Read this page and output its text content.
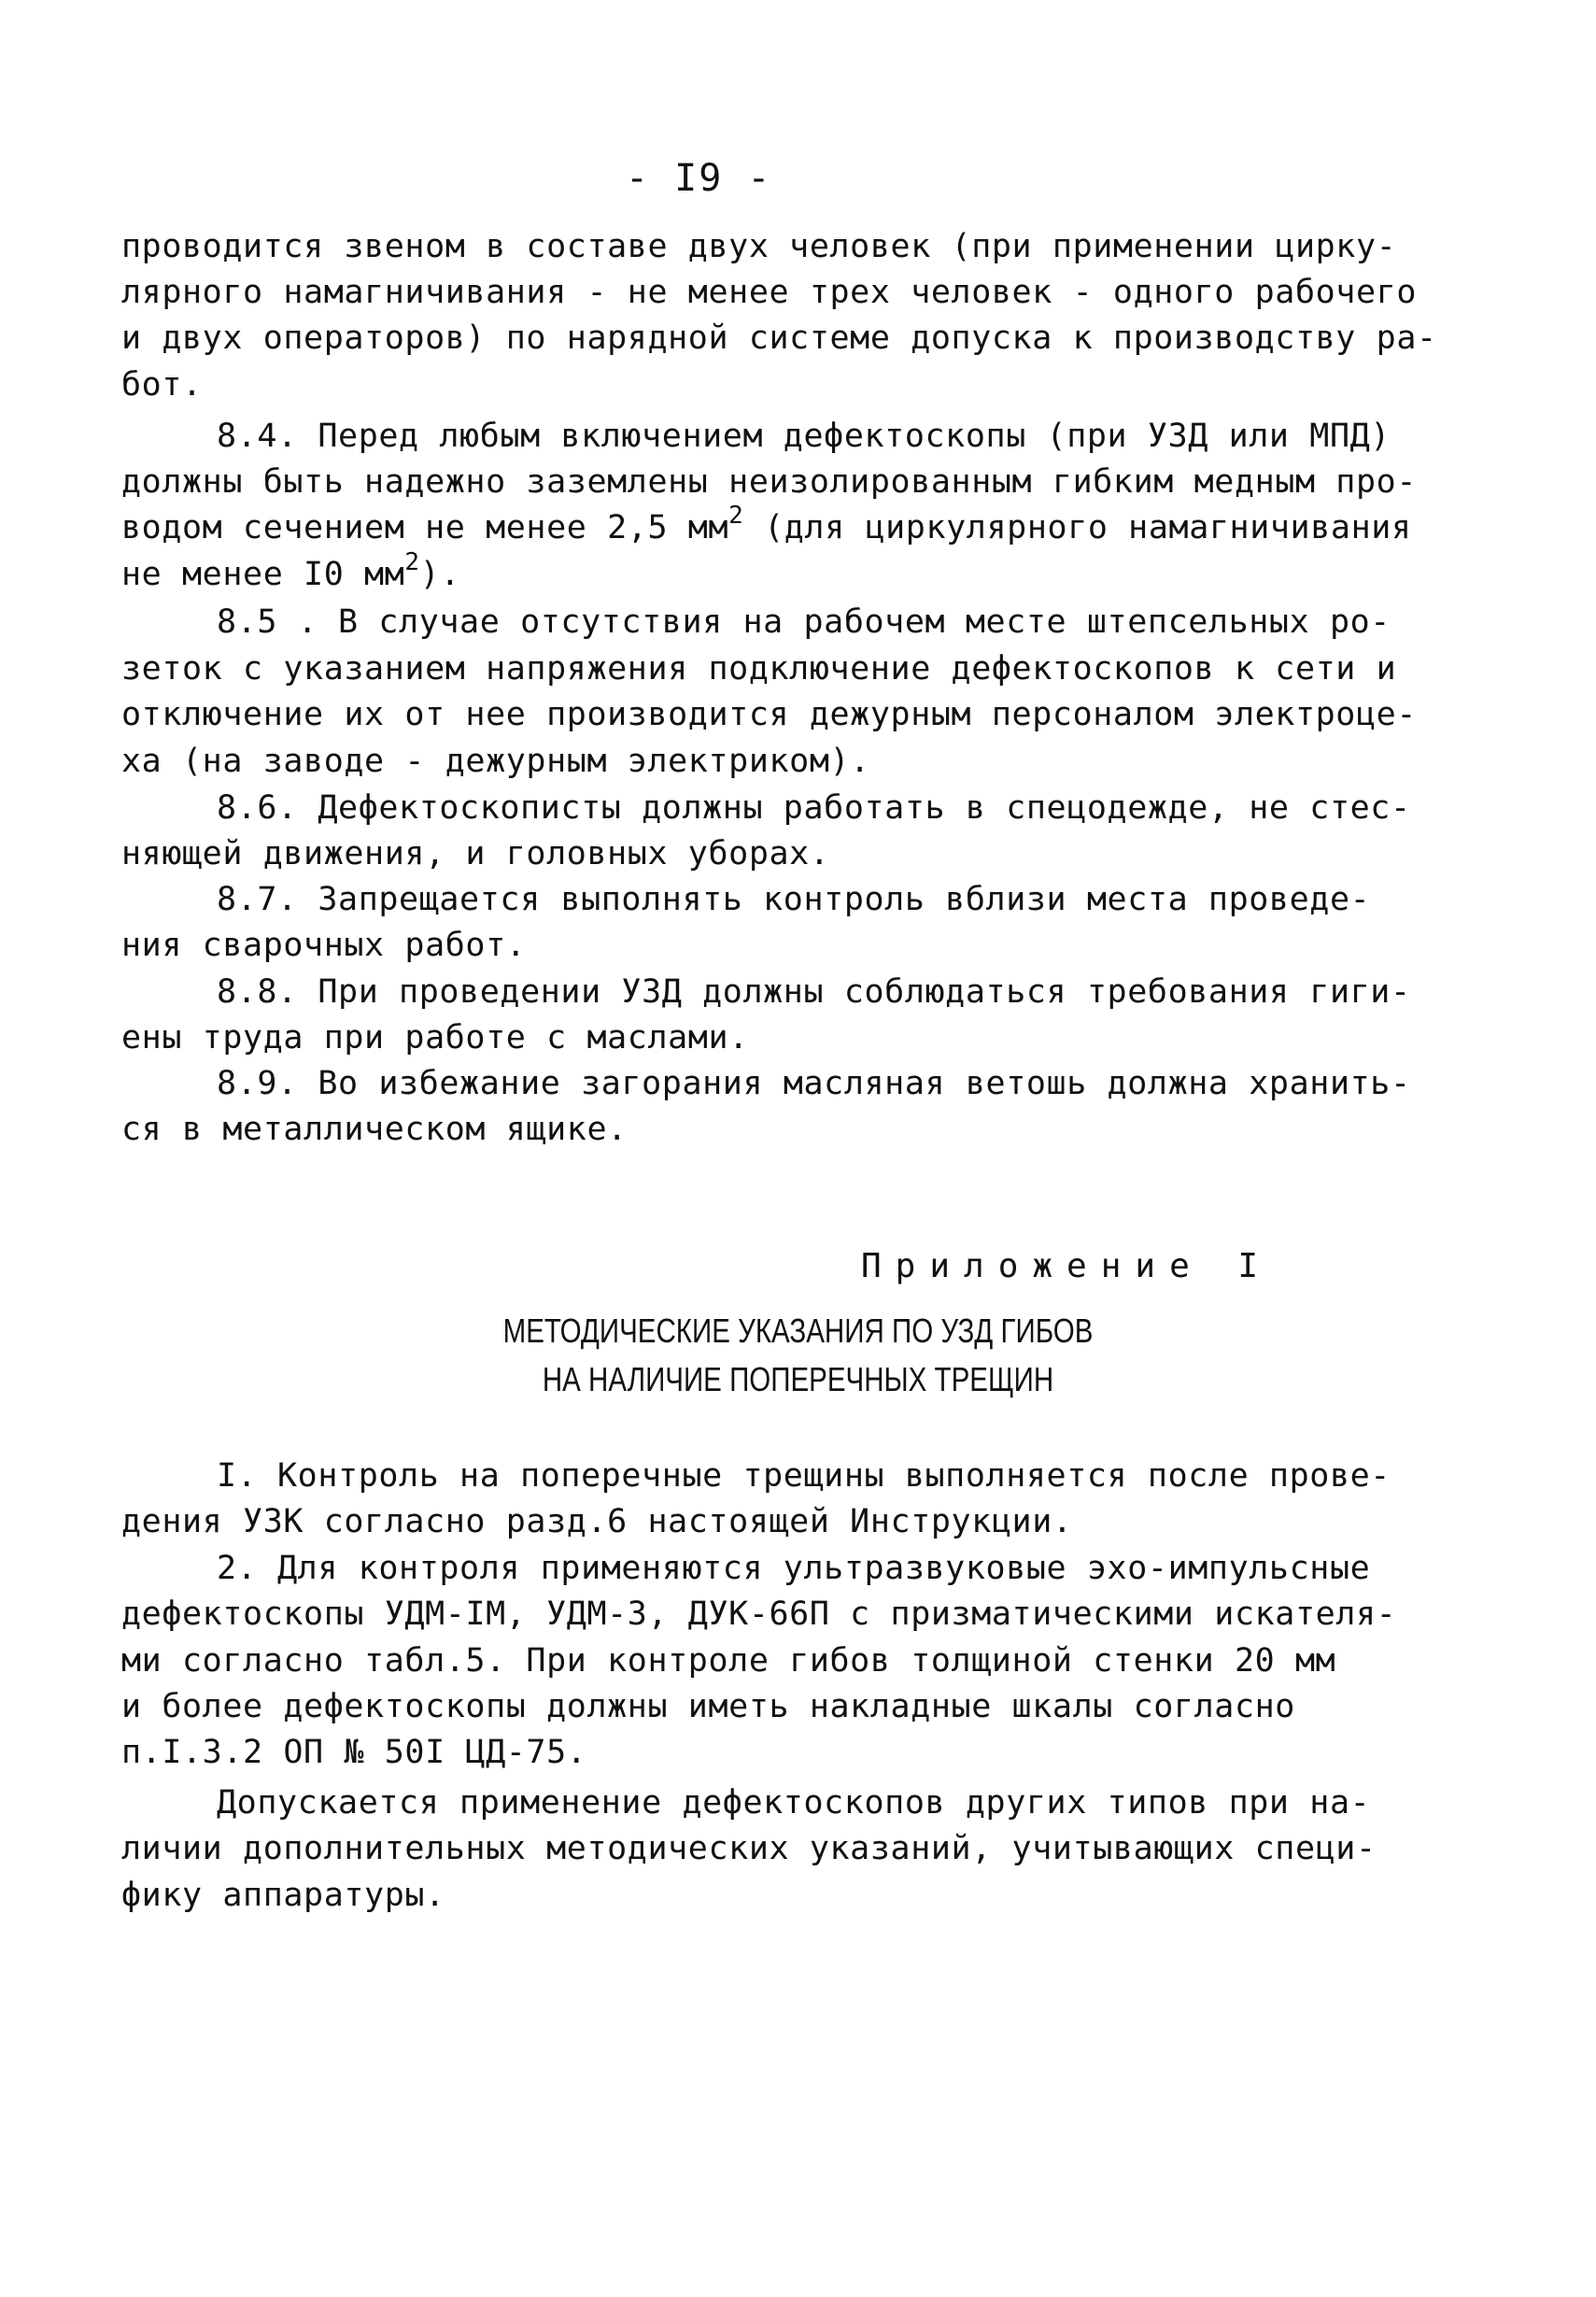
- I9 -
проводится звеном в составе двух человек (при применении циркy-
лярного намагничивания - не менее трех человек - одного рабочего
и двух операторов) по нарядной системе допуска к производству ра-
бот.
8.4. Перед любым включением дефектоскопы (при УЗД или МПД)
должны быть надежно заземлены неизолированным гибким медным про-
водом сечением не менее 2,5 $мм^2$ (для циркулярного намагничивания
не менее I0 $мм^2$).
8.5 . В случае отсутствия на рабочем месте штепсельных ро-
зеток с указанием напряжения подключение дефектоскопов к сети и
отключение их от нее производится дежурным персоналом электроце-
ха (на заводе - дежурным электриком).
8.6. Дефектоскописты должны работать в спецодежде, не стес-
няющей движения, и головных уборах.
8.7. Запрещается выполнять контроль вблизи места проведе-
ния сварочных работ.
8.8. При проведении УЗД должны соблюдаться требования гиги-
ены труда при работе с маслами.
8.9. Во избежание загорания масляная ветошь должна хранить-
ся в металлическом ящике.
Приложение I
МЕТОДИЧЕСКИЕ УКАЗАНИЯ ПО УЗД ГИБОВ
НА НАЛИЧИЕ ПОПЕРЕЧНЫХ ТРЕЩИН
I. Контроль на поперечные трещины выполняется после прове-
дения УЗК согласно разд.6 настоящей Инструкции.
2. Для контроля применяются ультразвуковые эхо-импульсные
дефектоскопы УДМ-IМ, УДМ-3, ДУК-66П с призматическими искателя-
ми согласно табл.5. При контроле гибов толщиной стенки 20 мм
и более дефектоскопы должны иметь накладные шкалы согласно
п.I.3.2 ОП № 50I ЦД-75.
Допускается применение дефектоскопов других типов при на-
личии дополнительных методических указаний, учитывающих специ-
фику аппаратуры.
